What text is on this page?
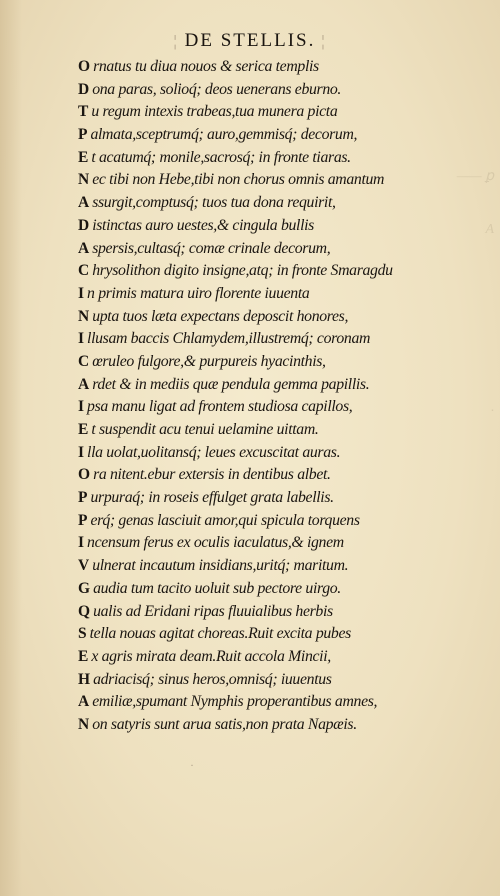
—— ꝑ
A
·
¦ DE STELLIS. ¦
O rnatus tu diua nouos & serica templis
D ona paras, solioq́; deos uenerans eburno.
T u regum intexis trabeas,tua munera picta
P almata,sceptrumq́; auro,gemmisq́; decorum,
E t acatumq́; monile,sacrosq́; in fronte tiaras.
N ec tibi non Hebe,tibi non chorus omnis amantum
A ssurgit,comptusq́; tuos tua dona requirit,
D istinctas auro uestes,& cingula bullis
A spersis,cultasq́; comæ crinale decorum,
C hrysolithon digito insigne,atq; in fronte Smaragdu
I n primis matura uiro florente iuuenta
N upta tuos læta expectans deposcit honores,
I llusam baccis Chlamydem,illustremq́; coronam
C œruleo fulgore,& purpureis hyacinthis,
A rdet & in mediis quæ pendula gemma papillis.
I psa manu ligat ad frontem studiosa capillos,
E t suspendit acu tenui uelamine uittam.
I lla uolat,uolitansq́; leues excuscitat auras.
O ra nitent.ebur extersis in dentibus albet.
P urpuraq́; in roseis effulget grata labellis.
P erq́; genas lasciuit amor,qui spicula torquens
I ncensum ferus ex oculis iaculatus,& ignem
V ulnerat incautum insidians,uritq́; maritum.
G audia tum tacito uoluit sub pectore uirgo.
Q ualis ad Eridani ripas fluuialibus herbis
S tella nouas agitat choreas.Ruit excita pubes
E x agris mirata deam.Ruit accola Mincii,
H adriacisq́; sinus heros,omnisq́; iuuentus
A emiliæ,spumant Nymphis properantibus amnes,
N on satyris sunt arua satis,non prata Napæis.
·
